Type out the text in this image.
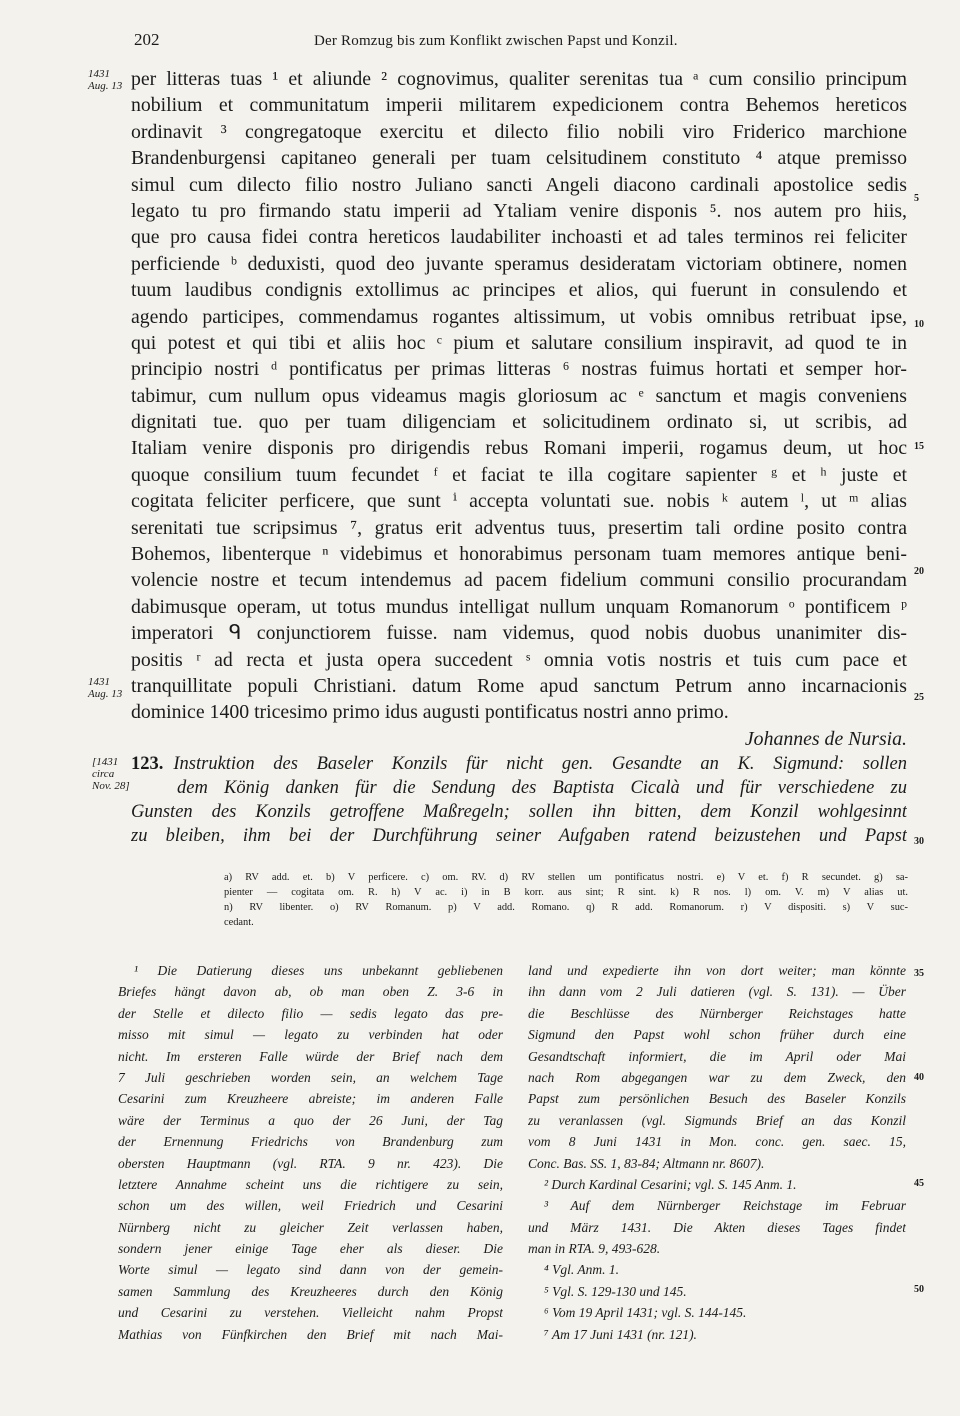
202	Der Romzug bis zum Konflikt zwischen Papst und Konzil.
1431
Aug. 13
1431
Aug. 13
[1431
circa
Nov. 28]
per litteras tuas ¹ et aliunde ² cognovimus, qualiter serenitas tua ᵃ cum consilio principum
nobilium et communitatum imperii militarem expedicionem contra Behemos hereticos
ordinavit ³ congregatoque exercitu et dilecto filio nobili viro Friderico marchione
Brandenburgensi capitaneo generali per tuam celsitudinem constituto ⁴ atque premisso
simul cum dilecto filio nostro Juliano sancti Angeli diacono cardinali apostolice sedis
legato tu pro firmando statu imperii ad Ytaliam venire disponis ⁵. nos autem pro hiis,
que pro causa fidei contra hereticos laudabiliter inchoasti et ad tales terminos rei feliciter
perficiende ᵇ deduxisti, quod deo juvante speramus desideratam victoriam obtinere, nomen
tuum laudibus condignis extollimus ac principes et alios, qui fuerunt in consulendo et
agendo participes, commendamus rogantes altissimum, ut vobis omnibus retribuat ipse,
qui potest et qui tibi et aliis hoc ᶜ pium et salutare consilium inspiravit, ad quod te in
principio nostri ᵈ pontificatus per primas litteras ⁶ nostras fuimus hortati et semper hor-
tabimur, cum nullum opus videamus magis gloriosum ac ᵉ sanctum et magis conveniens
dignitati tue. quo per tuam diligenciam et solicitudinem ordinato si, ut scribis, ad
Italiam venire disponis pro dirigendis rebus Romani imperii, rogamus deum, ut hoc
quoque consilium tuum fecundet ᶠ et faciat te illa cogitare sapienter ᵍ et ʰ juste et
cogitata feliciter perficere, que sunt ⁱ accepta voluntati sue. nobis ᵏ autem ˡ, ut ᵐ alias
serenitati tue scripsimus ⁷, gratus erit adventus tuus, presertim tali ordine posito contra
Bohemos, libenterque ⁿ videbimus et honorabimus personam tuam memores antique beni-
volencie nostre et tecum intendemus ad pacem fidelium communi consilio procurandam
dabimusque operam, ut totus mundus intelligat nullum unquam Romanorum ᵒ pontificem ᵖ
imperatori ᑫ conjunctiorem fuisse. nam videmus, quod nobis duobus unanimiter dis-
positis ʳ ad recta et justa opera succedent ˢ omnia votis nostris et tuis cum pace et
tranquillitate populi Christiani. datum Rome apud sanctum Petrum anno incarnacionis
dominice 1400 tricesimo primo idus augusti pontificatus nostri anno primo.
Johannes de Nursia.
5
10
15
20
25
30
35
40
45
50
123. Instruktion des Baseler Konzils für nicht gen. Gesandte an K. Sigmund: sollen
dem König danken für die Sendung des Baptista Cicalà und für verschiedene zu
Gunsten des Konzils getroffene Maßregeln; sollen ihn bitten, dem Konzil wohlgesinnt
zu bleiben, ihm bei der Durchführung seiner Aufgaben ratend beizustehen und Papst
a) RV add. et. b) V perficere. c) om. RV. d) RV stellen um pontificatus nostri. e) V et. f) R secundet. g) sa-
pienter — cogitata om. R. h) V ac. i) in B korr. aus sint; R sint. k) R nos. l) om. V. m) V alias ut.
n) RV libenter. o) RV Romanum. p) V add. Romano. q) R add. Romanorum. r) V dispositi. s) V suc-
cedant.
¹ Die Datierung dieses uns unbekannt gebliebenen
Briefes hängt davon ab, ob man oben Z. 3-6 in
der Stelle et dilecto filio — sedis legato das pre-
misso mit simul — legato zu verbinden hat oder
nicht. Im ersteren Falle würde der Brief nach dem
7 Juli geschrieben worden sein, an welchem Tage
Cesarini zum Kreuzheere abreiste; im anderen Falle
wäre der Terminus a quo der 26 Juni, der Tag
der Ernennung Friedrichs von Brandenburg zum
obersten Hauptmann (vgl. RTA. 9 nr. 423). Die
letztere Annahme scheint uns die richtigere zu sein,
schon um des willen, weil Friedrich und Cesarini
Nürnberg nicht zu gleicher Zeit verlassen haben,
sondern jener einige Tage eher als dieser. Die
Worte simul — legato sind dann von der gemein-
samen Sammlung des Kreuzheeres durch den König
und Cesarini zu verstehen. Vielleicht nahm Propst
Mathias von Fünfkirchen den Brief mit nach Mai-
land und expedierte ihn von dort weiter; man könnte
ihn dann vom 2 Juli datieren (vgl. S. 131). — Über
die Beschlüsse des Nürnberger Reichstages hatte
Sigmund den Papst wohl schon früher durch eine
Gesandtschaft informiert, die im April oder Mai
nach Rom abgegangen war zu dem Zweck, den
Papst zum persönlichen Besuch des Baseler Konzils
zu veranlassen (vgl. Sigmunds Brief an das Konzil
vom 8 Juni 1431 in Mon. conc. gen. saec. 15,
Conc. Bas. SS. 1, 83-84; Altmann nr. 8607).
² Durch Kardinal Cesarini; vgl. S. 145 Anm. 1.
³ Auf dem Nürnberger Reichstage im Februar
und März 1431. Die Akten dieses Tages findet
man in RTA. 9, 493-628.
⁴ Vgl. Anm. 1.
⁵ Vgl. S. 129-130 und 145.
⁶ Vom 19 April 1431; vgl. S. 144-145.
⁷ Am 17 Juni 1431 (nr. 121).
